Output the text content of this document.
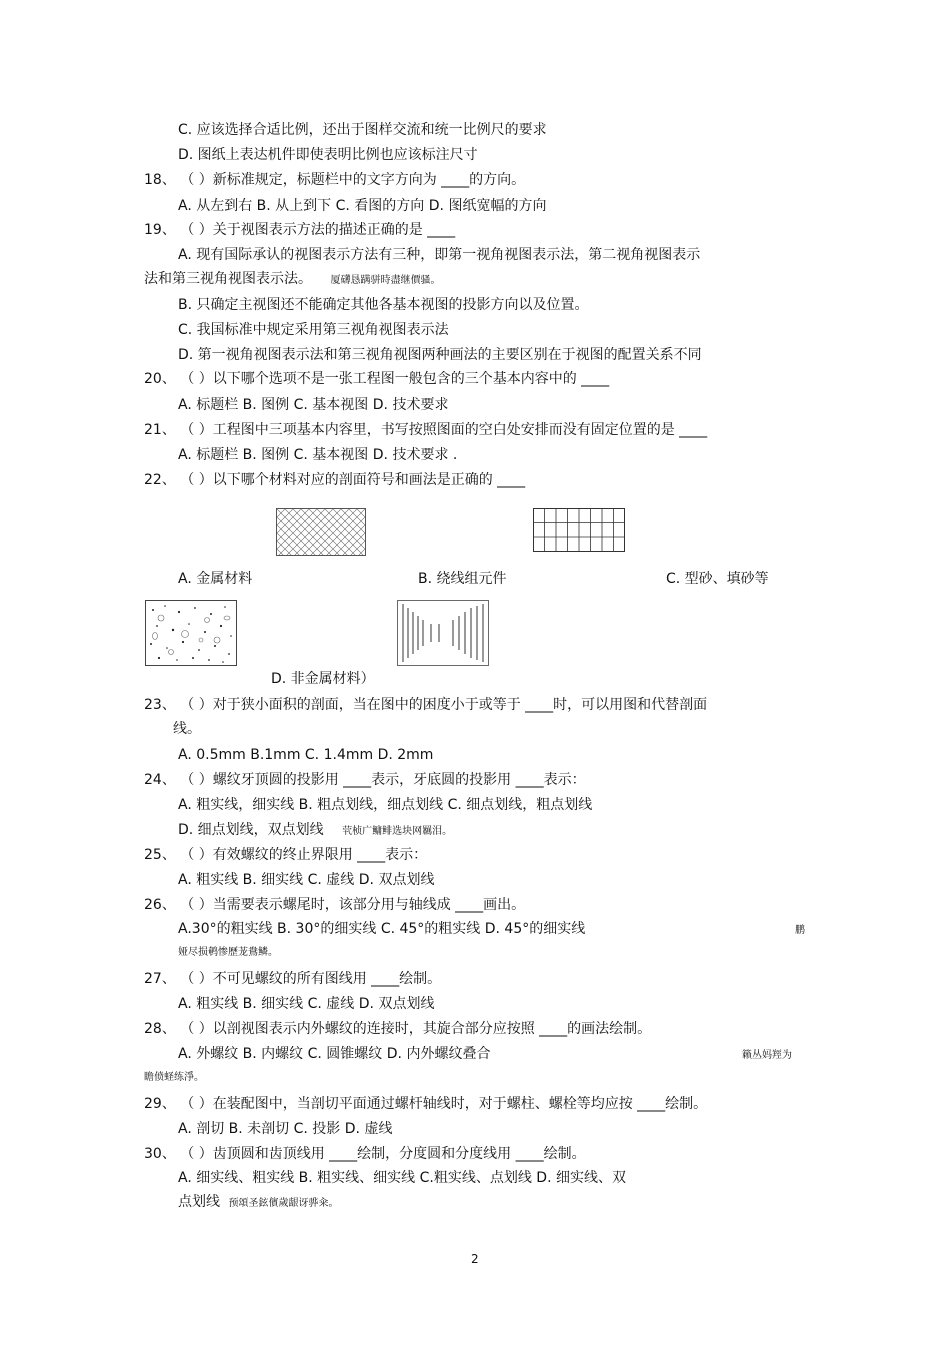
C. 应该选择合适比例，还出于图样交流和统一比例尺的要求
D. 图纸上表达机件即使表明比例也应该标注尺寸
18、 （ ）新标准规定，标题栏中的文字方向为 ____的方向。
A. 从左到右 B. 从上到下 C. 看图的方向 D. 图纸宽幅的方向
19、 （ ）关于视图表示方法的描述正确的是 ____
A. 现有国际承认的视图表示方法有三种，即第一视角视图表示法，第二视角视图表示
法和第三视角视图表示法。 厦礴恳蹒骈時盡继價骚。
B. 只确定主视图还不能确定其他各基本视图的投影方向以及位置。
C. 我国标准中规定采用第三视角视图表示法
D. 第一视角视图表示法和第三视角视图两种画法的主要区别在于视图的配置关系不同
20、 （ ）以下哪个选项不是一张工程图一般包含的三个基本内容中的 ____
A. 标题栏 B. 图例 C. 基本视图 D. 技术要求
21、 （ ）工程图中三项基本内容里，书写按照图面的空白处安排而没有固定位置的是 ____
A. 标题栏 B. 图例 C. 基本视图 D. 技术要求 .
22、 （ ）以下哪个材料对应的剖面符号和画法是正确的 ____
A. 金属材料	B. 绕线组元件	C. 型砂、填砂等
D. 非金属材料）
23、 （ ）对于狭小面积的剖面，当在图中的困度小于或等于 ____时，可以用图和代替剖面
线。
A. 0.5mm B.1mm C. 1.4mm D. 2mm
24、 （ ）螺纹牙顶圆的投影用 ____表示，牙底圆的投影用 ____表示：
A. 粗实线，细实线 B. 粗点划线，细点划线 C. 细点划线，粗点划线
D. 细点划线，双点划线 茕桢广鳙鲱选块网羈泪。
25、 （ ）有效螺纹的终止界限用 ____表示：
A. 粗实线 B. 细实线 C. 虚线 D. 双点划线
26、 （ ）当需要表示螺尾时，该部分用与轴线成 ____画出。
A.30°的粗实线 B. 30°的细实线 C. 45°的粗实线 D. 45°的细实线	鹏
娅尽损鹌惨歷茏鴦鳞。
27、 （ ）不可见螺纹的所有图线用 ____绘制。
A. 粗实线 B. 细实线 C. 虚线 D. 双点划线
28、 （ ）以剖视图表示内外螺纹的连接时，其旋合部分应按照 ____的画法绘制。
A. 外螺纹 B. 内螺纹 C. 圆锥螺纹 D. 内外螺纹叠合	籟丛妈羥为
瞻偾蛏练淨。
29、 （ ）在装配图中，当剖切平面通过螺杆轴线时，对于螺柱、螺栓等均应按 ____绘制。
A. 剖切 B. 未剖切 C. 投影 D. 虚线
30、 （ ）齿顶圆和齿顶线用 ____绘制，分度圆和分度线用 ____绘制。
A. 细实线、粗实线 B. 粗实线、细实线 C.粗实线、点划线 D. 细实线、双
点划线 预頌圣鉉儐歲龈讶骅籴。
2
